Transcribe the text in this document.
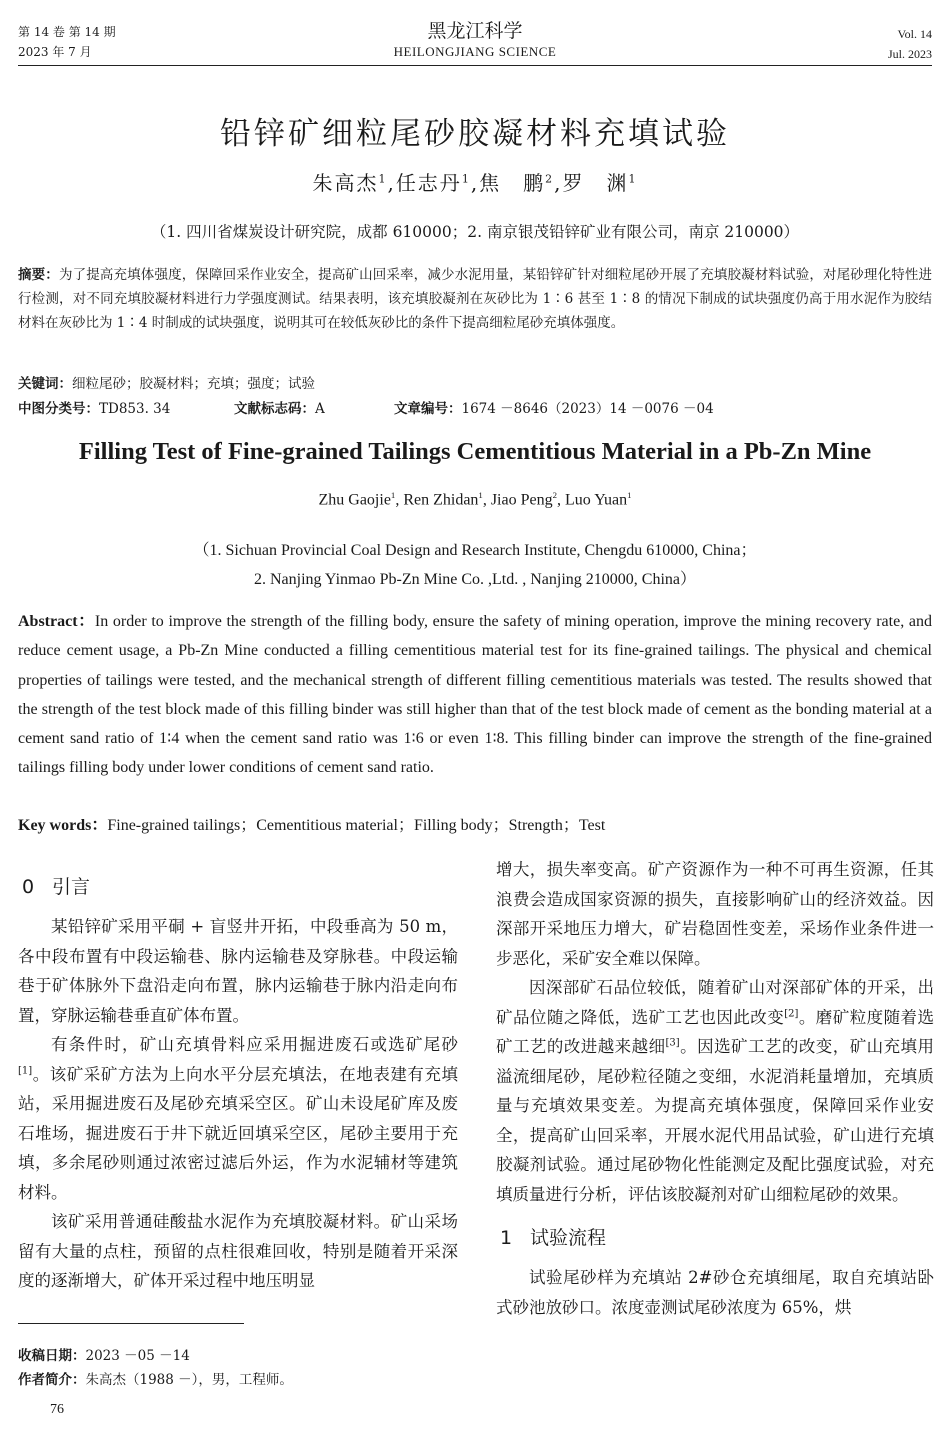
第 14 卷 第 14 期
2023 年 7 月
黑龙江科学
HEILONGJIANG SCIENCE
Vol. 14
Jul. 2023
铅锌矿细粒尾砂胶凝材料充填试验
朱高杰$^1$,任志丹$^1$,焦　鹏$^2$,罗　渊$^1$
（1. 四川省煤炭设计研究院，成都 610000；2. 南京银茂铅锌矿业有限公司，南京 210000）
摘要：为了提高充填体强度，保障回采作业安全，提高矿山回采率，减少水泥用量，某铅锌矿针对细粒尾砂开展了充填胶凝材料试验，对尾砂理化特性进行检测，对不同充填胶凝材料进行力学强度测试。结果表明，该充填胶凝剂在灰砂比为 1∶6 甚至 1∶8 的情况下制成的试块强度仍高于用水泥作为胶结材料在灰砂比为 1∶4 时制成的试块强度，说明其可在较低灰砂比的条件下提高细粒尾砂充填体强度。
关键词：细粒尾砂；胶凝材料；充填；强度；试验
中图分类号：TD853. 34	文献标志码：A	文章编号：1674 －8646（2023）14 －0076 －04
Filling Test of Fine-grained Tailings Cementitious Material in a Pb-Zn Mine
Zhu Gaojie$^1$, Ren Zhidan$^1$, Jiao Peng$^2$, Luo Yuan$^1$
（1. Sichuan Provincial Coal Design and Research Institute, Chengdu 610000, China；
2. Nanjing Yinmao Pb-Zn Mine Co. ,Ltd. , Nanjing 210000, China）
Abstract：In order to improve the strength of the filling body, ensure the safety of mining operation, improve the mining recovery rate, and reduce cement usage, a Pb-Zn Mine conducted a filling cementitious material test for its fine-grained tailings. The physical and chemical properties of tailings were tested, and the mechanical strength of different filling cementitious materials was tested. The results showed that the strength of the test block made of this filling binder was still higher than that of the test block made of cement as the bonding material at a cement sand ratio of 1∶4 when the cement sand ratio was 1∶6 or even 1∶8. This filling binder can improve the strength of the fine-grained tailings filling body under lower conditions of cement sand ratio.
Key words：Fine-grained tailings；Cementitious material；Filling body；Strength；Test
0 引言

某铅锌矿采用平硐 + 盲竖井开拓，中段垂高为 50 m，各中段布置有中段运输巷、脉内运输巷及穿脉巷。中段运输巷于矿体脉外下盘沿走向布置，脉内运输巷于脉内沿走向布置，穿脉运输巷垂直矿体布置。

有条件时，矿山充填骨料应采用掘进废石或选矿尾砂[1]。该矿采矿方法为上向水平分层充填法，在地表建有充填站，采用掘进废石及尾砂充填采空区。矿山未设尾矿库及废石堆场，掘进废石于井下就近回填采空区，尾砂主要用于充填，多余尾砂则通过浓密过滤后外运，作为水泥辅材等建筑材料。

该矿采用普通硅酸盐水泥作为充填胶凝材料。矿山采场留有大量的点柱，预留的点柱很难回收，特别是随着开采深度的逐渐增大，矿体开采过程中地压明显

增大，损失率变高。矿产资源作为一种不可再生资源，任其浪费会造成国家资源的损失，直接影响矿山的经济效益。因深部开采地压力增大，矿岩稳固性变差，采场作业条件进一步恶化，采矿安全难以保障。

因深部矿石品位较低，随着矿山对深部矿体的开采，出矿品位随之降低，选矿工艺也因此改变[2]。磨矿粒度随着选矿工艺的改进越来越细[3]。因选矿工艺的改变，矿山充填用溢流细尾砂，尾砂粒径随之变细，水泥消耗量增加，充填质量与充填效果变差。为提高充填体强度，保障回采作业安全，提高矿山回采率，开展水泥代用品试验，矿山进行充填胶凝剂试验。通过尾砂物化性能测定及配比强度试验，对充填质量进行分析，评估该胶凝剂对矿山细粒尾砂的效果。

1 试验流程

试验尾砂样为充填站 2#砂仓充填细尾，取自充填站卧式砂池放砂口。浓度壶测试尾砂浓度为 65%，烘

收稿日期：2023 －05 －14
作者简介：朱高杰（1988 －），男，工程师。
76
